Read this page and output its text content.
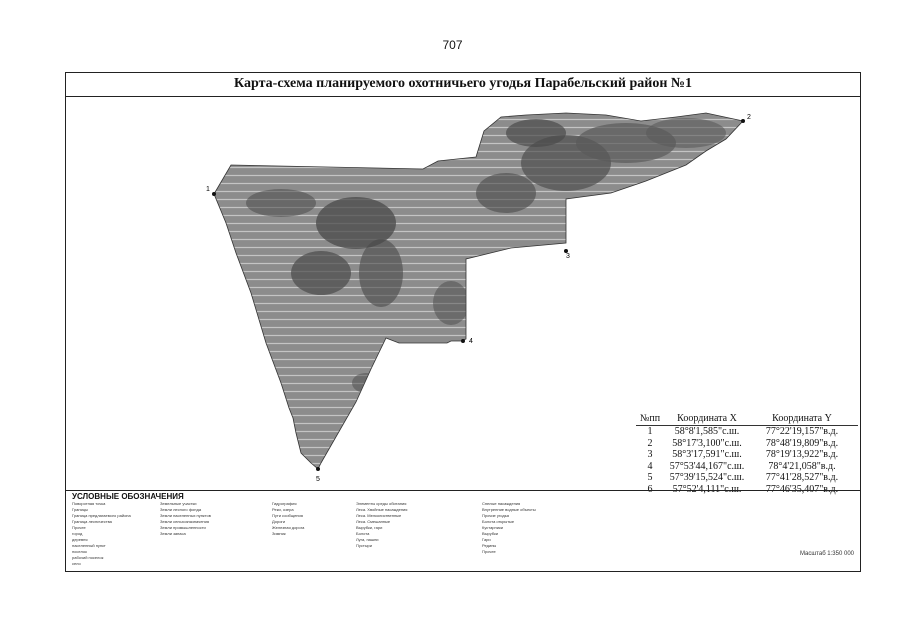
707
Карта-схема планируемого охотничьего угодья Парабельский район №1
1
2
3
4
5
№пп	Координата X	Координата Y
1	58°8'1,585"с.ш.	77°22'19,157"в.д.
2	58°17'3,100"с.ш.	78°48'19,809"в.д.
3	58°3'17,591"с.ш.	78°19'13,922"в.д.
4	57°53'44,167"с.ш.	78°4'21,058"в.д.
5	57°39'15,524"с.ш.	77°41'28,527"в.д.
6	57°52'4,111"с.ш.	77°46'35,407"в.д.
УСЛОВНЫЕ ОБОЗНАЧЕНИЯ
Поворотная точка
Границы
Граница предлагаемого района
Граница лесничества
Прочее
город
деревня
населенный пункт
поселок
рабочий поселок
село
Земельные участки
Земли лесного фонда
Земли населенных пунктов
Земли сельхозназначения
Земли промышленности
Земли запаса
Гидрография
Реки, озера
Пути сообщения
Дороги
Железная дорога
Зимник
Элементы среды обитания
Леса. Хвойные насаждения
Леса. Мелколиственные
Леса. Смешанные
Вырубки, гари
Болота
Луга, пашни
Пустыри
Спелые насаждения
Внутренние водные объекты
Прочие угодья
Болота открытые
Кустарники
Вырубки
Гари
Редины
Прочее	Масштаб 1:350 000
